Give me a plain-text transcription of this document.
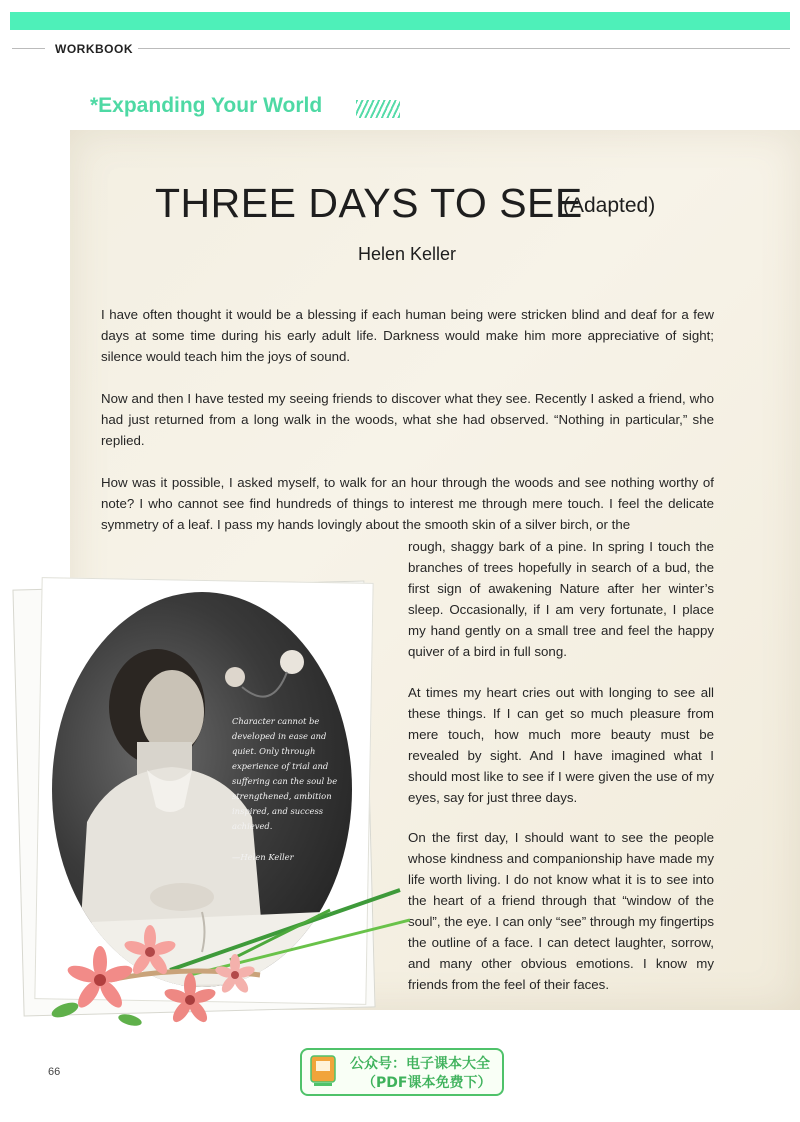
WORKBOOK
*Expanding Your World
THREE DAYS TO SEE
(Adapted)
Helen Keller

I have often thought it would be a blessing if each human being were stricken blind and deaf for a few days at some time during his early adult life. Darkness would make him more appreciative of sight; silence would teach him the joys of sound.

Now and then I have tested my seeing friends to discover what they see. Recently I asked a friend, who had just returned from a long walk in the woods, what she had observed. “Nothing in particular,” she replied.

How was it possible, I asked myself, to walk for an hour through the woods and see nothing worthy of note? I who cannot see find hundreds of things to interest me through mere touch. I feel the delicate symmetry of a leaf. I pass my hands lovingly about the smooth skin of a silver birch, or the

rough, shaggy bark of a pine. In spring I touch the branches of trees hopefully in search of a bud, the first sign of awakening Nature after her winter’s sleep. Occasionally, if I am very fortunate, I place my hand gently on a small tree and feel the happy quiver of a bird in full song.

At times my heart cries out with longing to see all these things. If I can get so much pleasure from mere touch, how much more beauty must be revealed by sight. And I have imagined what I should most like to see if I were given the use of my eyes, say for just three days.

On the first day, I should want to see the people whose kindness and companionship have made my life worth living. I do not know what it is to see into the heart of a friend through that “window of the soul”, the eye. I can only “see” through my fingertips the outline of a face. I can detect laughter, sorrow, and many other obvious emotions. I know my friends from the feel of their faces.

Character cannot be developed in ease and quiet. Only through experience of trial and suffering can the soul be strengthened, ambition inspired, and success achieved.

—Helen Keller
66	公众号：电子课本大全
（PDF课本免费下）
